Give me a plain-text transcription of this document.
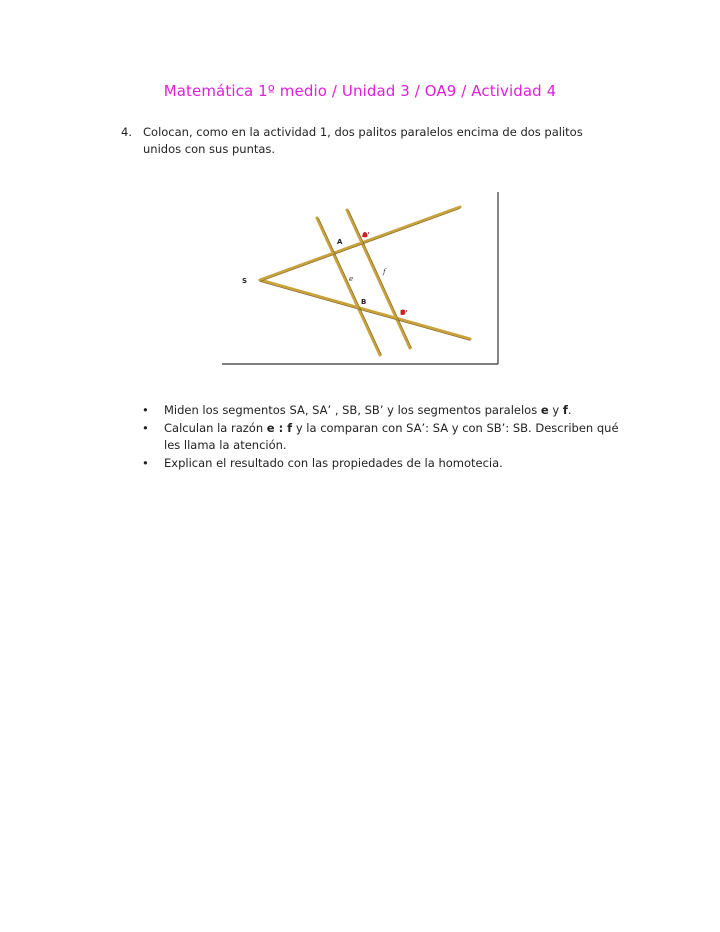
Matemática 1º medio / Unidad 3 / OA9 / Actividad 4
4. Colocan, como en la actividad 1, dos palitos paralelos encima de dos palitos unidos con sus puntas.
S
A
A'
B
B'
e
f
• Miden los segmentos SA, SA’ , SB, SB’ y los segmentos paralelos e y f.
• Calculan la razón e : f y la comparan con SA’: SA y con SB’: SB. Describen qué les llama la atención.
• Explican el resultado con las propiedades de la homotecia.
